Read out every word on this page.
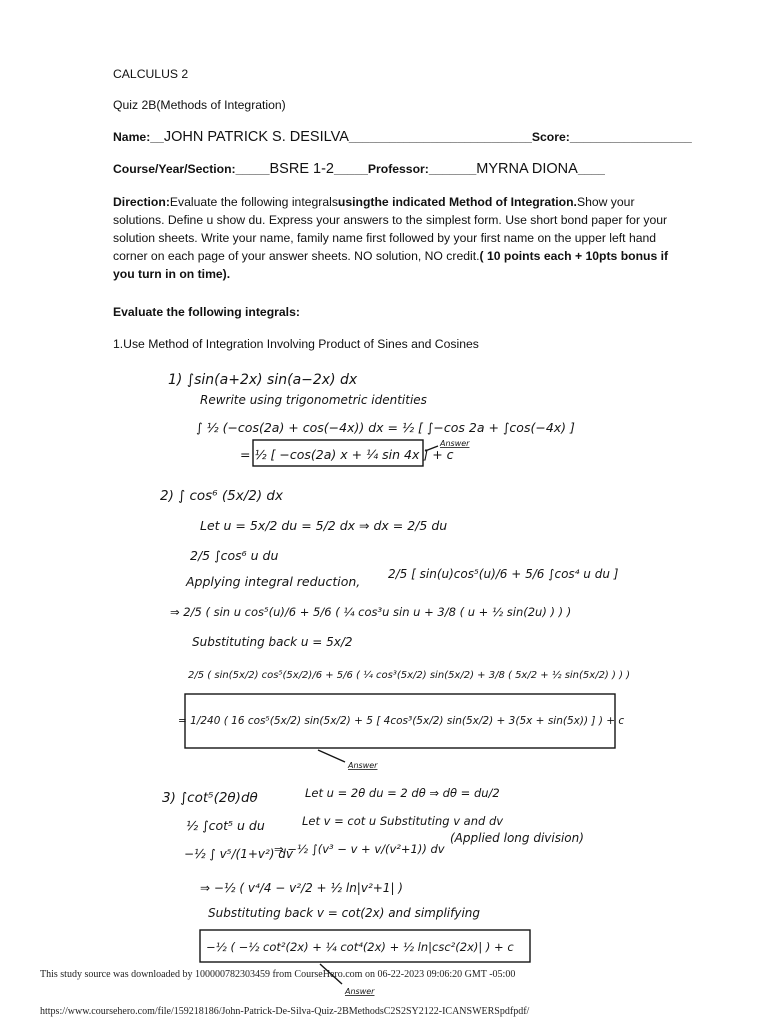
CALCULUS 2
Quiz 2B(Methods of Integration)
Name:__JOHN PATRICK S. DESILVA___________________________Score:__________________
Course/Year/Section:_____BSRE 1-2_____Professor:_______MYRNA DIONA____
Direction:Evaluate the following integralsusingthe indicated Method of Integration.Show your solutions. Define u show du. Express your answers to the simplest form. Use short bond paper for your solution sheets. Write your name, family name first followed by your first name on the upper left hand corner on each page of your answer sheets. NO solution, NO credit.( 10 points each + 10pts bonus if you turn in on time).
Evaluate the following integrals:
1.Use Method of Integration Involving Product of Sines and Cosines
1) ∫sin(a+2x) sin(a−2x) dx
Rewrite using trigonometric identities
∫ ½ (−cos(2a) + cos(−4x)) dx = ½ [ ∫−cos 2a + ∫cos(−4x) ]
= ½ [ −cos(2a) x + ¼ sin 4x ] + c
Answer
2) ∫ cos⁶ (5x/2) dx
Let u = 5x/2 du = 5/2 dx ⇒ dx = 2/5 du
2/5 ∫cos⁶ u du
Applying integral reduction, 2/5 [ sin(u)cos⁵(u)/6 + 5/6 ∫cos⁴ u du ]
⇒ 2/5 ( sin u cos⁵(u)/6 + 5/6 ( ¼ cos³u sin u + 3/8 ( u + ½ sin(2u) ) ) )
Substituting back u = 5x/2
2/5 ( sin(5x/2) cos⁵(5x/2)/6 + 5/6 ( ¼ cos³(5x/2) sin(5x/2) + 3/8 ( 5x/2 + ½ sin(5x/2) ) ) )
= 1/240 ( 16 cos⁵(5x/2) sin(5x/2) + 5 [ 4cos³(5x/2) sin(5x/2) + 3(5x + sin(5x)) ] ) + c
Answer
3) ∫cot⁵(2θ)dθ	Let u = 2θ du = 2 dθ ⇒ dθ = du/2
½ ∫cot⁵ u du	Let v = cot u Substituting v and dv
−½ ∫ v⁵/(1+v²) dv
⇒ −½ ∫(v³ − v + v/(v²+1)) dv
(Applied long division)
⇒ −½ ( v⁴/4 − v²/2 + ½ ln|v²+1| )
Substituting back v = cot(2x) and simplifying
−½ ( −½ cot²(2x) + ¼ cot⁴(2x) + ½ ln|csc²(2x)| ) + c
Answer
This study source was downloaded by 100000782303459 from CourseHero.com on 06-22-2023 09:06:20 GMT -05:00
https://www.coursehero.com/file/159218186/John-Patrick-De-Silva-Quiz-2BMethodsC2S2SY2122-ICANSWERSpdfpdf/
